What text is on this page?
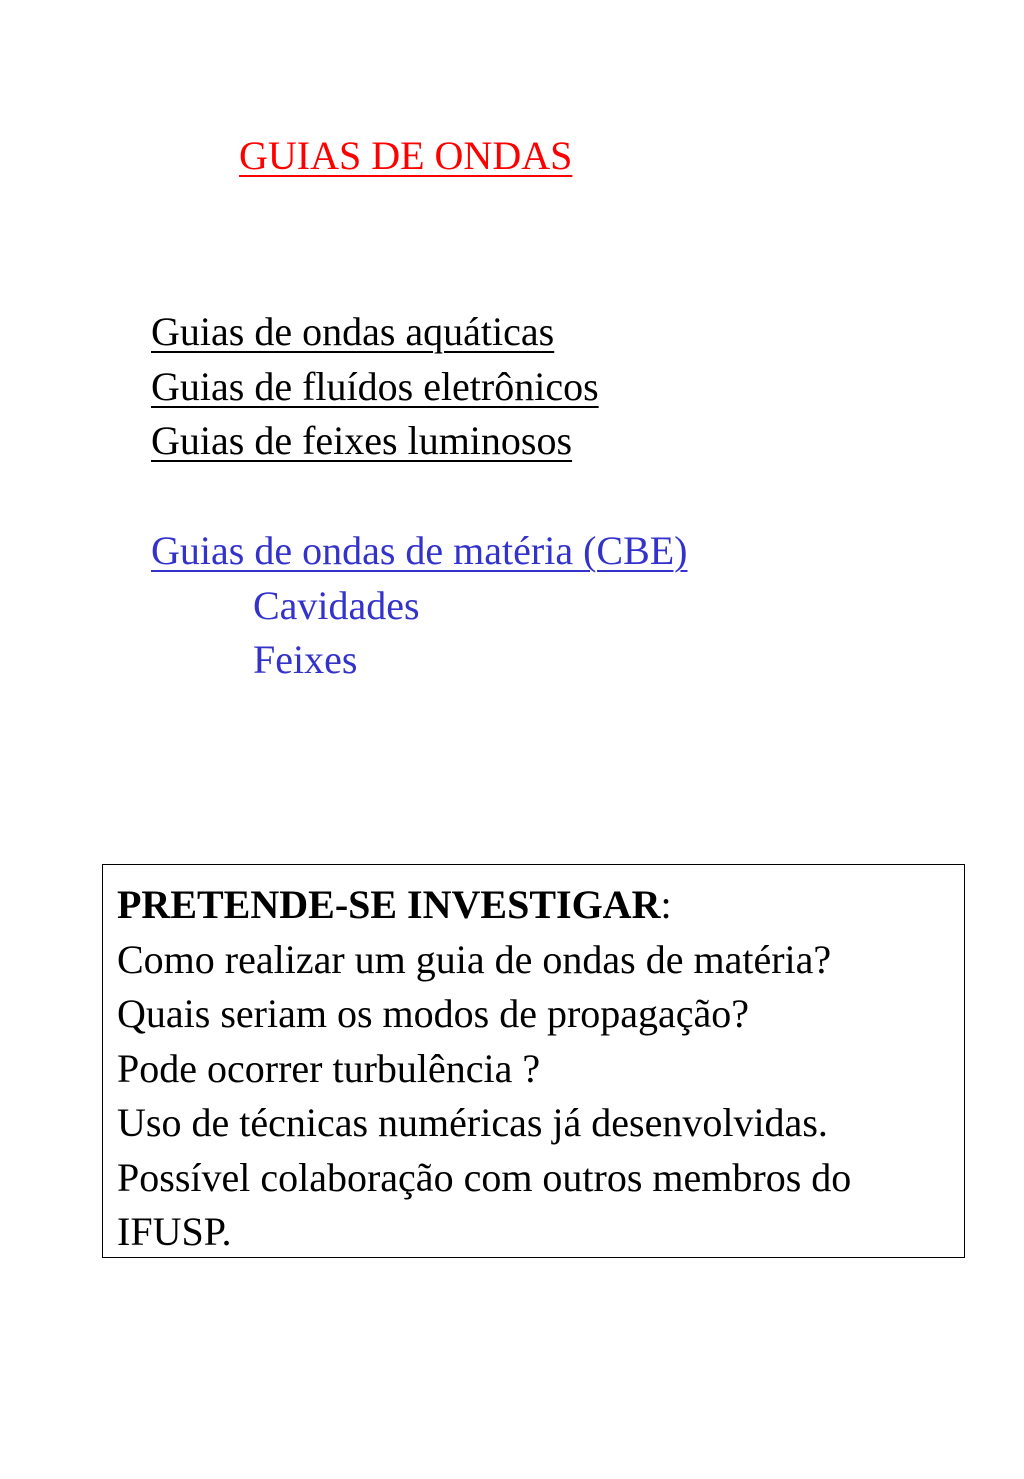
GUIAS DE ONDAS
Guias de ondas aquáticas
Guias de fluídos eletrônicos
Guias de feixes luminosos
Guias de ondas de matéria (CBE)
Cavidades
Feixes
PRETENDE-SE INVESTIGAR:
Como realizar um guia de ondas de matéria?
Quais seriam os modos de propagação?
Pode ocorrer turbulência ?
Uso de técnicas numéricas já desenvolvidas.
Possível colaboração com outros membros do
IFUSP.
